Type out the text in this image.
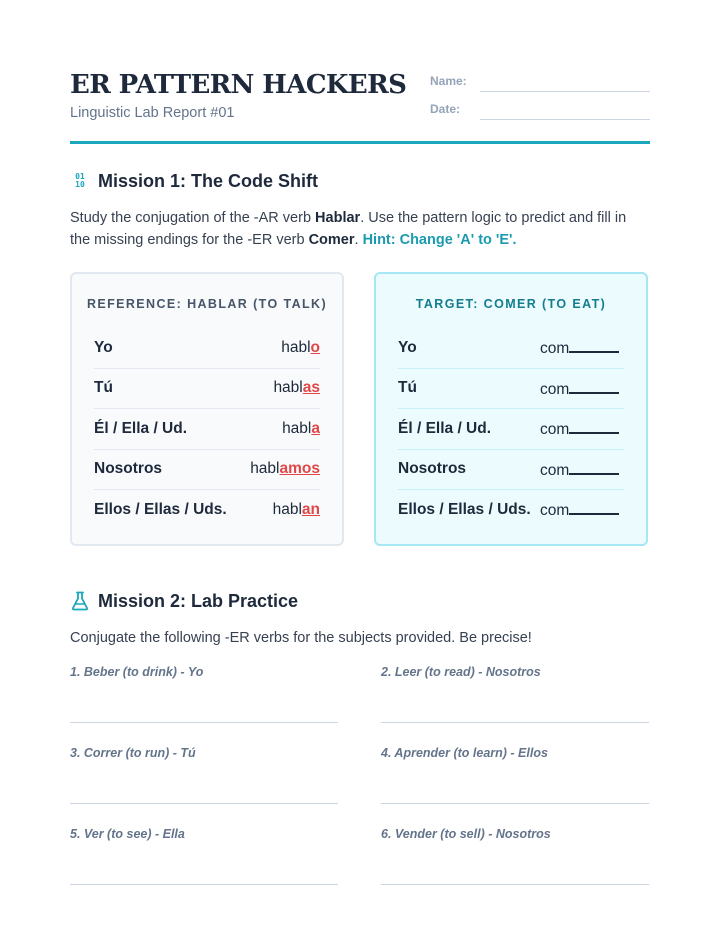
ER PATTERN HACKERS
Linguistic Lab Report #01
Name:
Date:
01
10 Mission 1: The Code Shift
Study the conjugation of the -AR verb Hablar. Use the pattern logic to predict and fill in the missing endings for the -ER verb Comer. Hint: Change 'A' to 'E'.
REFERENCE: HABLAR (TO TALK)
Yo	hablo
Tú	hablas
Él / Ella / Ud.	habla
Nosotros	hablamos
Ellos / Ellas / Uds.	hablan
TARGET: COMER (TO EAT)
Yo	com
Tú	com
Él / Ella / Ud.	com
Nosotros	com
Ellos / Ellas / Uds. com
Mission 2: Lab Practice
Conjugate the following -ER verbs for the subjects provided. Be precise!
1. Beber (to drink) - Yo	2. Leer (to read) - Nosotros
3. Correr (to run) - Tú	4. Aprender (to learn) - Ellos
5. Ver (to see) - Ella	6. Vender (to sell) - Nosotros
